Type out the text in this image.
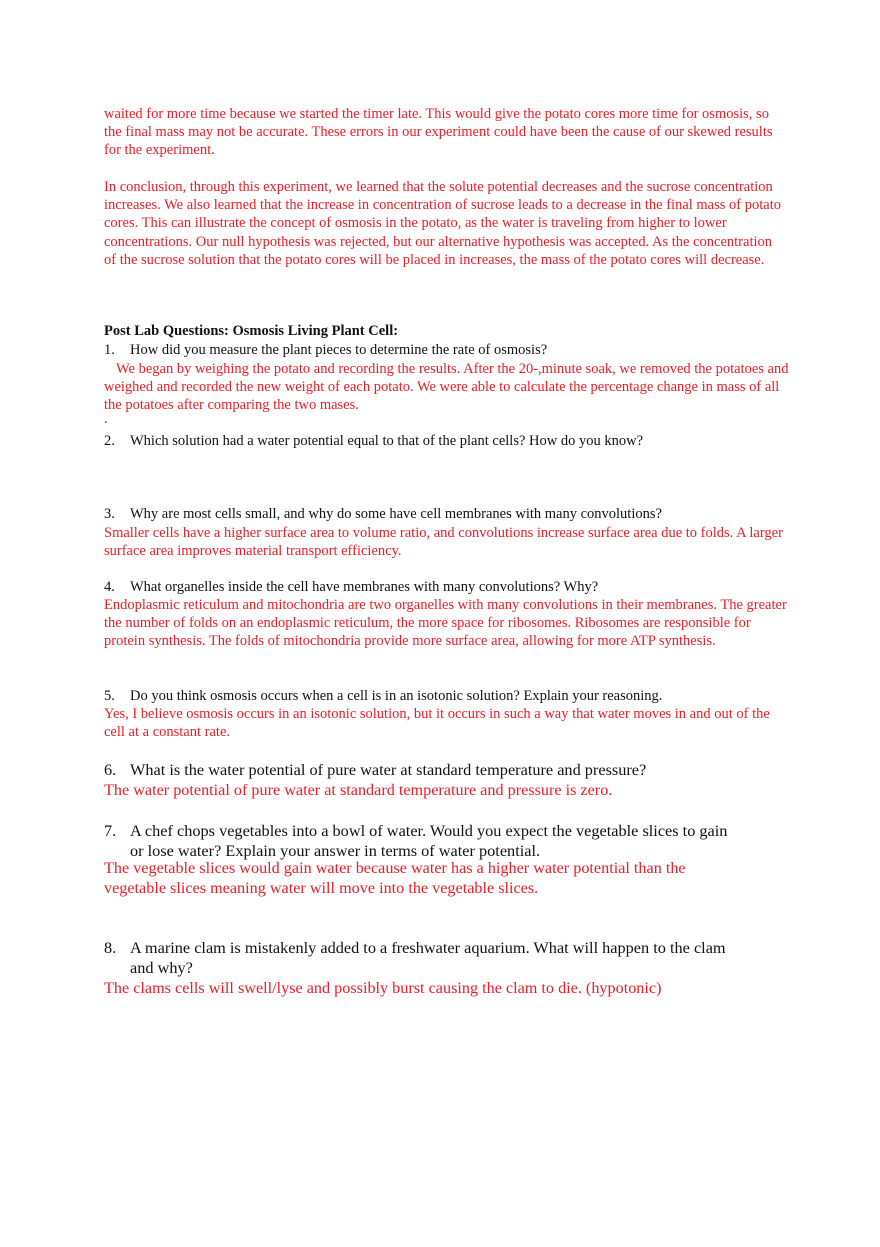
waited for more time because we started the timer late. This would give the potato cores more time for osmosis, so the final mass may not be accurate. These errors in our experiment could have been the cause of our skewed results for the experiment.

In conclusion, through this experiment, we learned that the solute potential decreases and the sucrose concentration increases. We also learned that the increase in concentration of sucrose leads to a decrease in the final mass of potato cores. This can illustrate the concept of osmosis in the potato, as the water is traveling from higher to lower concentrations. Our null hypothesis was rejected, but our alternative hypothesis was accepted. As the concentration of the sucrose solution that the potato cores will be placed in increases, the mass of the potato cores will decrease.

Post Lab Questions: Osmosis Living Plant Cell:

1. How did you measure the plant pieces to determine the rate of osmosis?

We began by weighing the potato and recording the results. After the 20-,minute soak, we removed the potatoes and weighed and recorded the new weight of each potato. We were able to calculate the percentage change in mass of all the potatoes after comparing the two mases.

.

2. Which solution had a water potential equal to that of the plant cells? How do you know?

3. Why are most cells small, and why do some have cell membranes with many convolutions?

Smaller cells have a higher surface area to volume ratio, and convolutions increase surface area due to folds. A larger surface area improves material transport efficiency.

4. What organelles inside the cell have membranes with many convolutions? Why?

Endoplasmic reticulum and mitochondria are two organelles with many convolutions in their membranes. The greater the number of folds on an endoplasmic reticulum, the more space for ribosomes. Ribosomes are responsible for protein synthesis. The folds of mitochondria provide more surface area, allowing for more ATP synthesis.

5. Do you think osmosis occurs when a cell is in an isotonic solution? Explain your reasoning.

Yes, I believe osmosis occurs in an isotonic solution, but it occurs in such a way that water moves in and out of the cell at a constant rate.

6. What is the water potential of pure water at standard temperature and pressure?

The water potential of pure water at standard temperature and pressure is zero.

7. A chef chops vegetables into a bowl of water. Would you expect the vegetable slices to gain
or lose water? Explain your answer in terms of water potential.

The vegetable slices would gain water because water has a higher water potential than the vegetable slices meaning water will move into the vegetable slices.

8. A marine clam is mistakenly added to a freshwater aquarium. What will happen to the clam
and why?

The clams cells will swell/lyse and possibly burst causing the clam to die. (hypotonic)
